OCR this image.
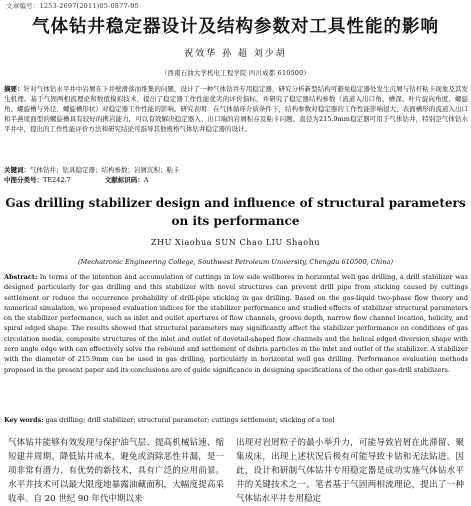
文章编号：1253-2697(2011)05-0877-05
气体钻井稳定器设计及结构参数对工具性能的影响
祝效华 孙 超 刘少胡
（西南石油大学机电工程学院 四川成都 610500）
摘要：针对气体钻水平井中岩屑在下井壁滑落而堆集的问题，设计了一种气体钻井专用稳定器，研究分析新型结构可避免稳定器处发生沉屑与钻杆粘卡现象及其发生机理。基于气固两相流理论和数值模拟技术，提出了稳定器工作性能优劣的评价指标，并研究了稳定器结构参数（流道入出口角、槽深、叶片旋向角度、螺旋角、螺旋槽与外径、螺旋槽形状）对稳定器工作性能的影响。研究表明：在气体循环介质条件下，结构参数对稳定器的工作性能影响很大，表面槽形的流道入出口和半燕尾面型的螺旋槽具有较好的携岩能力，可以有效解决稳定器入、出口端的岩屑积存及粘卡问题。直径为215.9mm稳定器可用于气体钻井，特别是气体钻水平井中，提出的工作性能评价方法和研究结论可指导其他规格气体钻井稳定器的设计。
关键词：气体钻井；钻具稳定器；结构参数；岩屑沉积；粘卡
中图分类号：TE242.7	文献标识码：A
Gas drilling stabilizer design and influence of structural parameters
on its performance
ZHU Xiaohua SUN Chao LIU Shaohu
(Mechatronic Engineering College, Southwest Petroleum University, Chengdu 610500, China)
Abstract: In terms of the intention and accumulation of cuttings in low side wellbores in horizontal well gas drilling, a drill stabilizer was designed particularly for gas drilling and this stabilizer with novel structures can prevent drill pipe from sticking caused by cuttings settlement or reduce the occurrence probability of drill-pipe sticking in gas drilling. Based on the gas-liquid two-phase flow theory and numerical simulation, we proposed evaluation indices for the stabilizer performance and studied effects of stabilizer structural parameters on the stabilizer performance, such as inlet and outlet apertures of flow channels, groove depth, narrow flow channel location, helicity, and spiral edged shape. The results showed that structural parameters may significantly affect the stabilizer performance on conditions of gas circulation media, composite structures of the inlet and outlet of dovetail-shaped flow channels and the helical edged diversion shape with zero angle edge with can effectively solve the rebound and settlement of debris particles in the inlet and outlet of the stabilizer. A stabilizer with the diameter of 215.9mm can be used in gas drilling, particularly in horizontal well gas drilling. Performance evaluation methods proposed in the present paper and its conclusions are of guide significance in designing specifications of the other gas-drill stabilizers.
Key words: gas drilling; drill stabilizer; structural parameter; cuttings settlement; sticking of a tool
气体钻井能够有效发现与保护油气层、提高机械钻速、缩短建井周期、降低钻井成本，避免或消除恶性井漏，是一项非常有潜力、有优势的新技术，具有广泛的应用前景。水平井技术可以最大限度地暴露油藏面积，大幅度提高采收率。自 20 世纪 90 年代中期以来
出现对岩屑粒子的最小举升力，可能导致岩屑在此滞留、聚集成床，出现上述状况后极有可能导致卡钻和无法钻进。因此，设计和研制气体钻井专用稳定器是成功实施气体钻水平井的关键技术之一。笔者基于气固两相流理论，提出了一种气体钻水平井专用稳定
